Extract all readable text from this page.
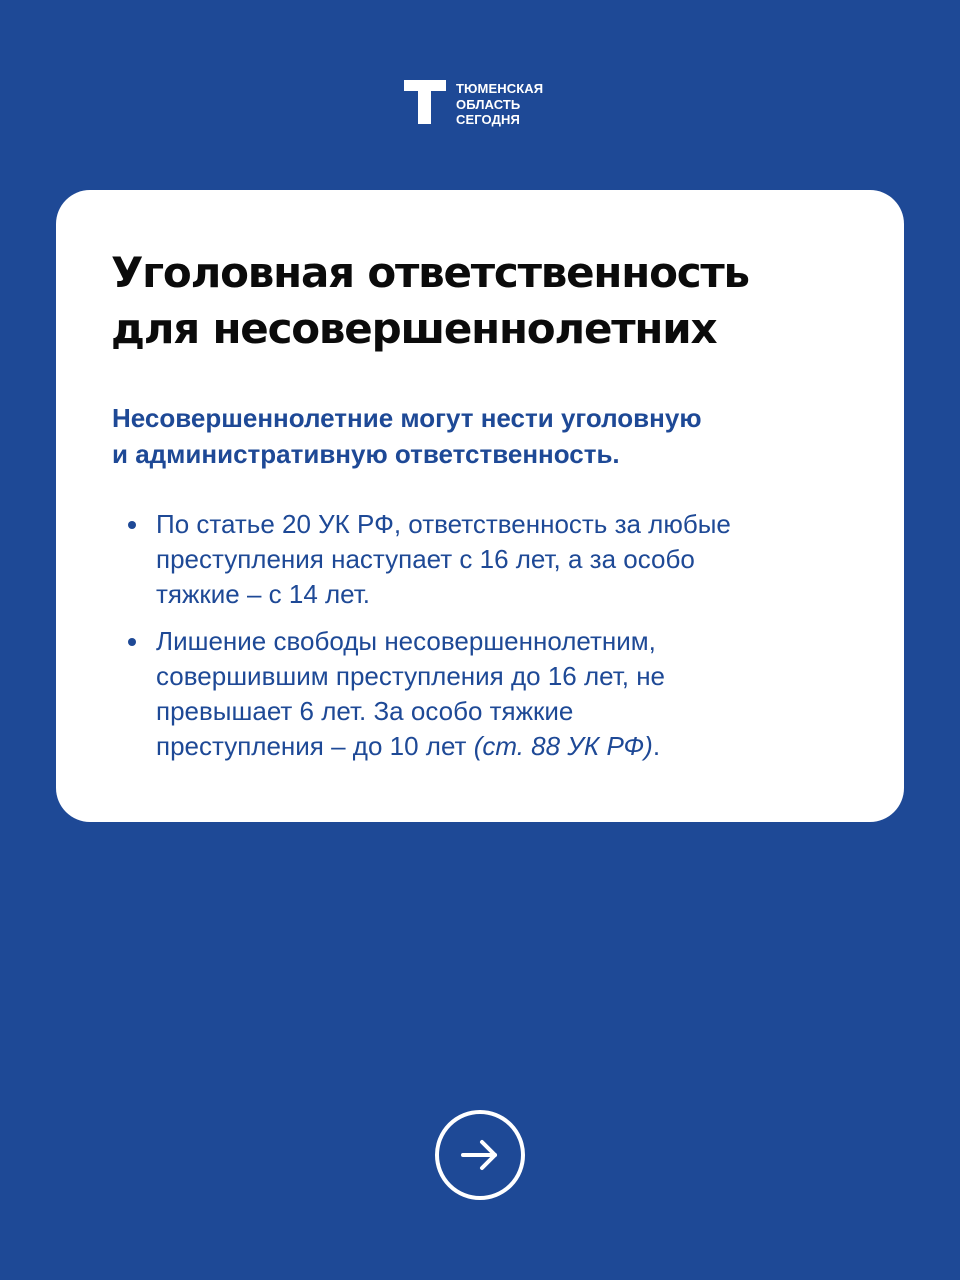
ТЮМЕНСКАЯ
ОБЛАСТЬ
СЕГОДНЯ
Уголовная ответственность
для несовершеннолетних

Несовершеннолетние могут нести уголовную
и административную ответственность.

По статье 20 УК РФ, ответственность за любые
преступления наступает с 16 лет, а за особо
тяжкие – с 14 лет.
Лишение свободы несовершеннолетним,
совершившим преступления до 16 лет, не
превышает 6 лет. За особо тяжкие
преступления – до 10 лет (ст. 88 УК РФ).
